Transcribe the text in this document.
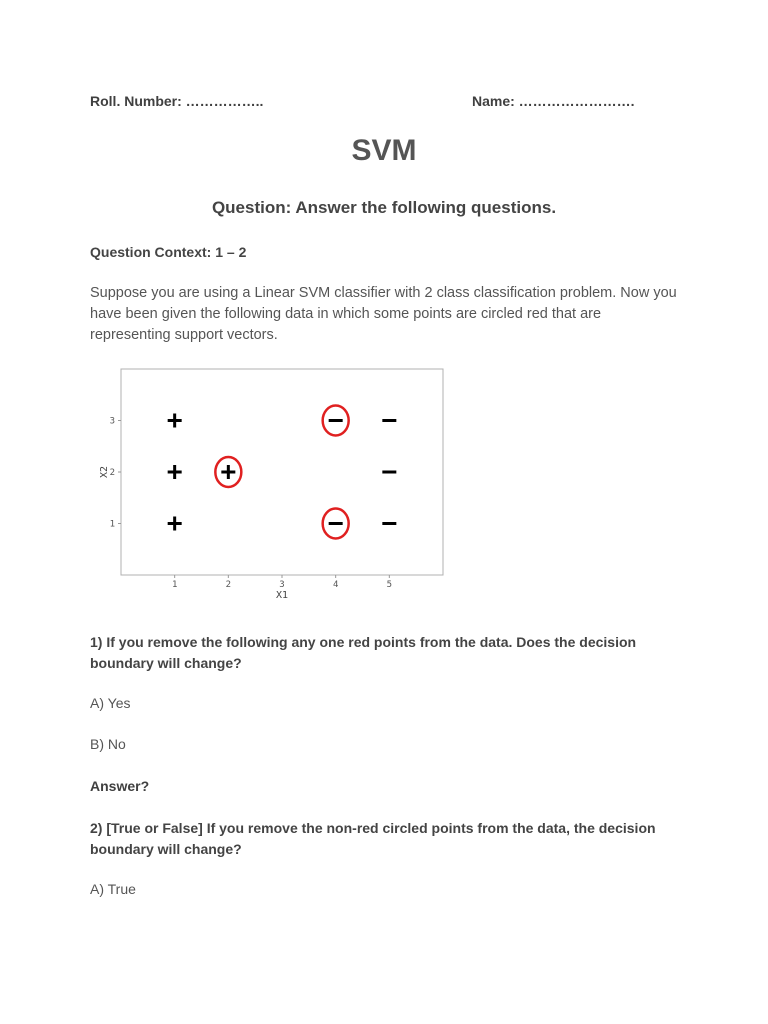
Roll. Number: ……………..	Name: …………………….
SVM
Question: Answer the following questions.
Question Context: 1 – 2
Suppose you are using a Linear SVM classifier with 2 class classification problem. Now you
have been given the following data in which some points are circled red that are
representing support vectors.
1	2	3	4	5
1
2
3
X1
X2
1) If you remove the following any one red points from the data. Does the decision
boundary will change?
A) Yes
B) No
Answer?
2) [True or False] If you remove the non-red circled points from the data, the decision
boundary will change?
A) True
